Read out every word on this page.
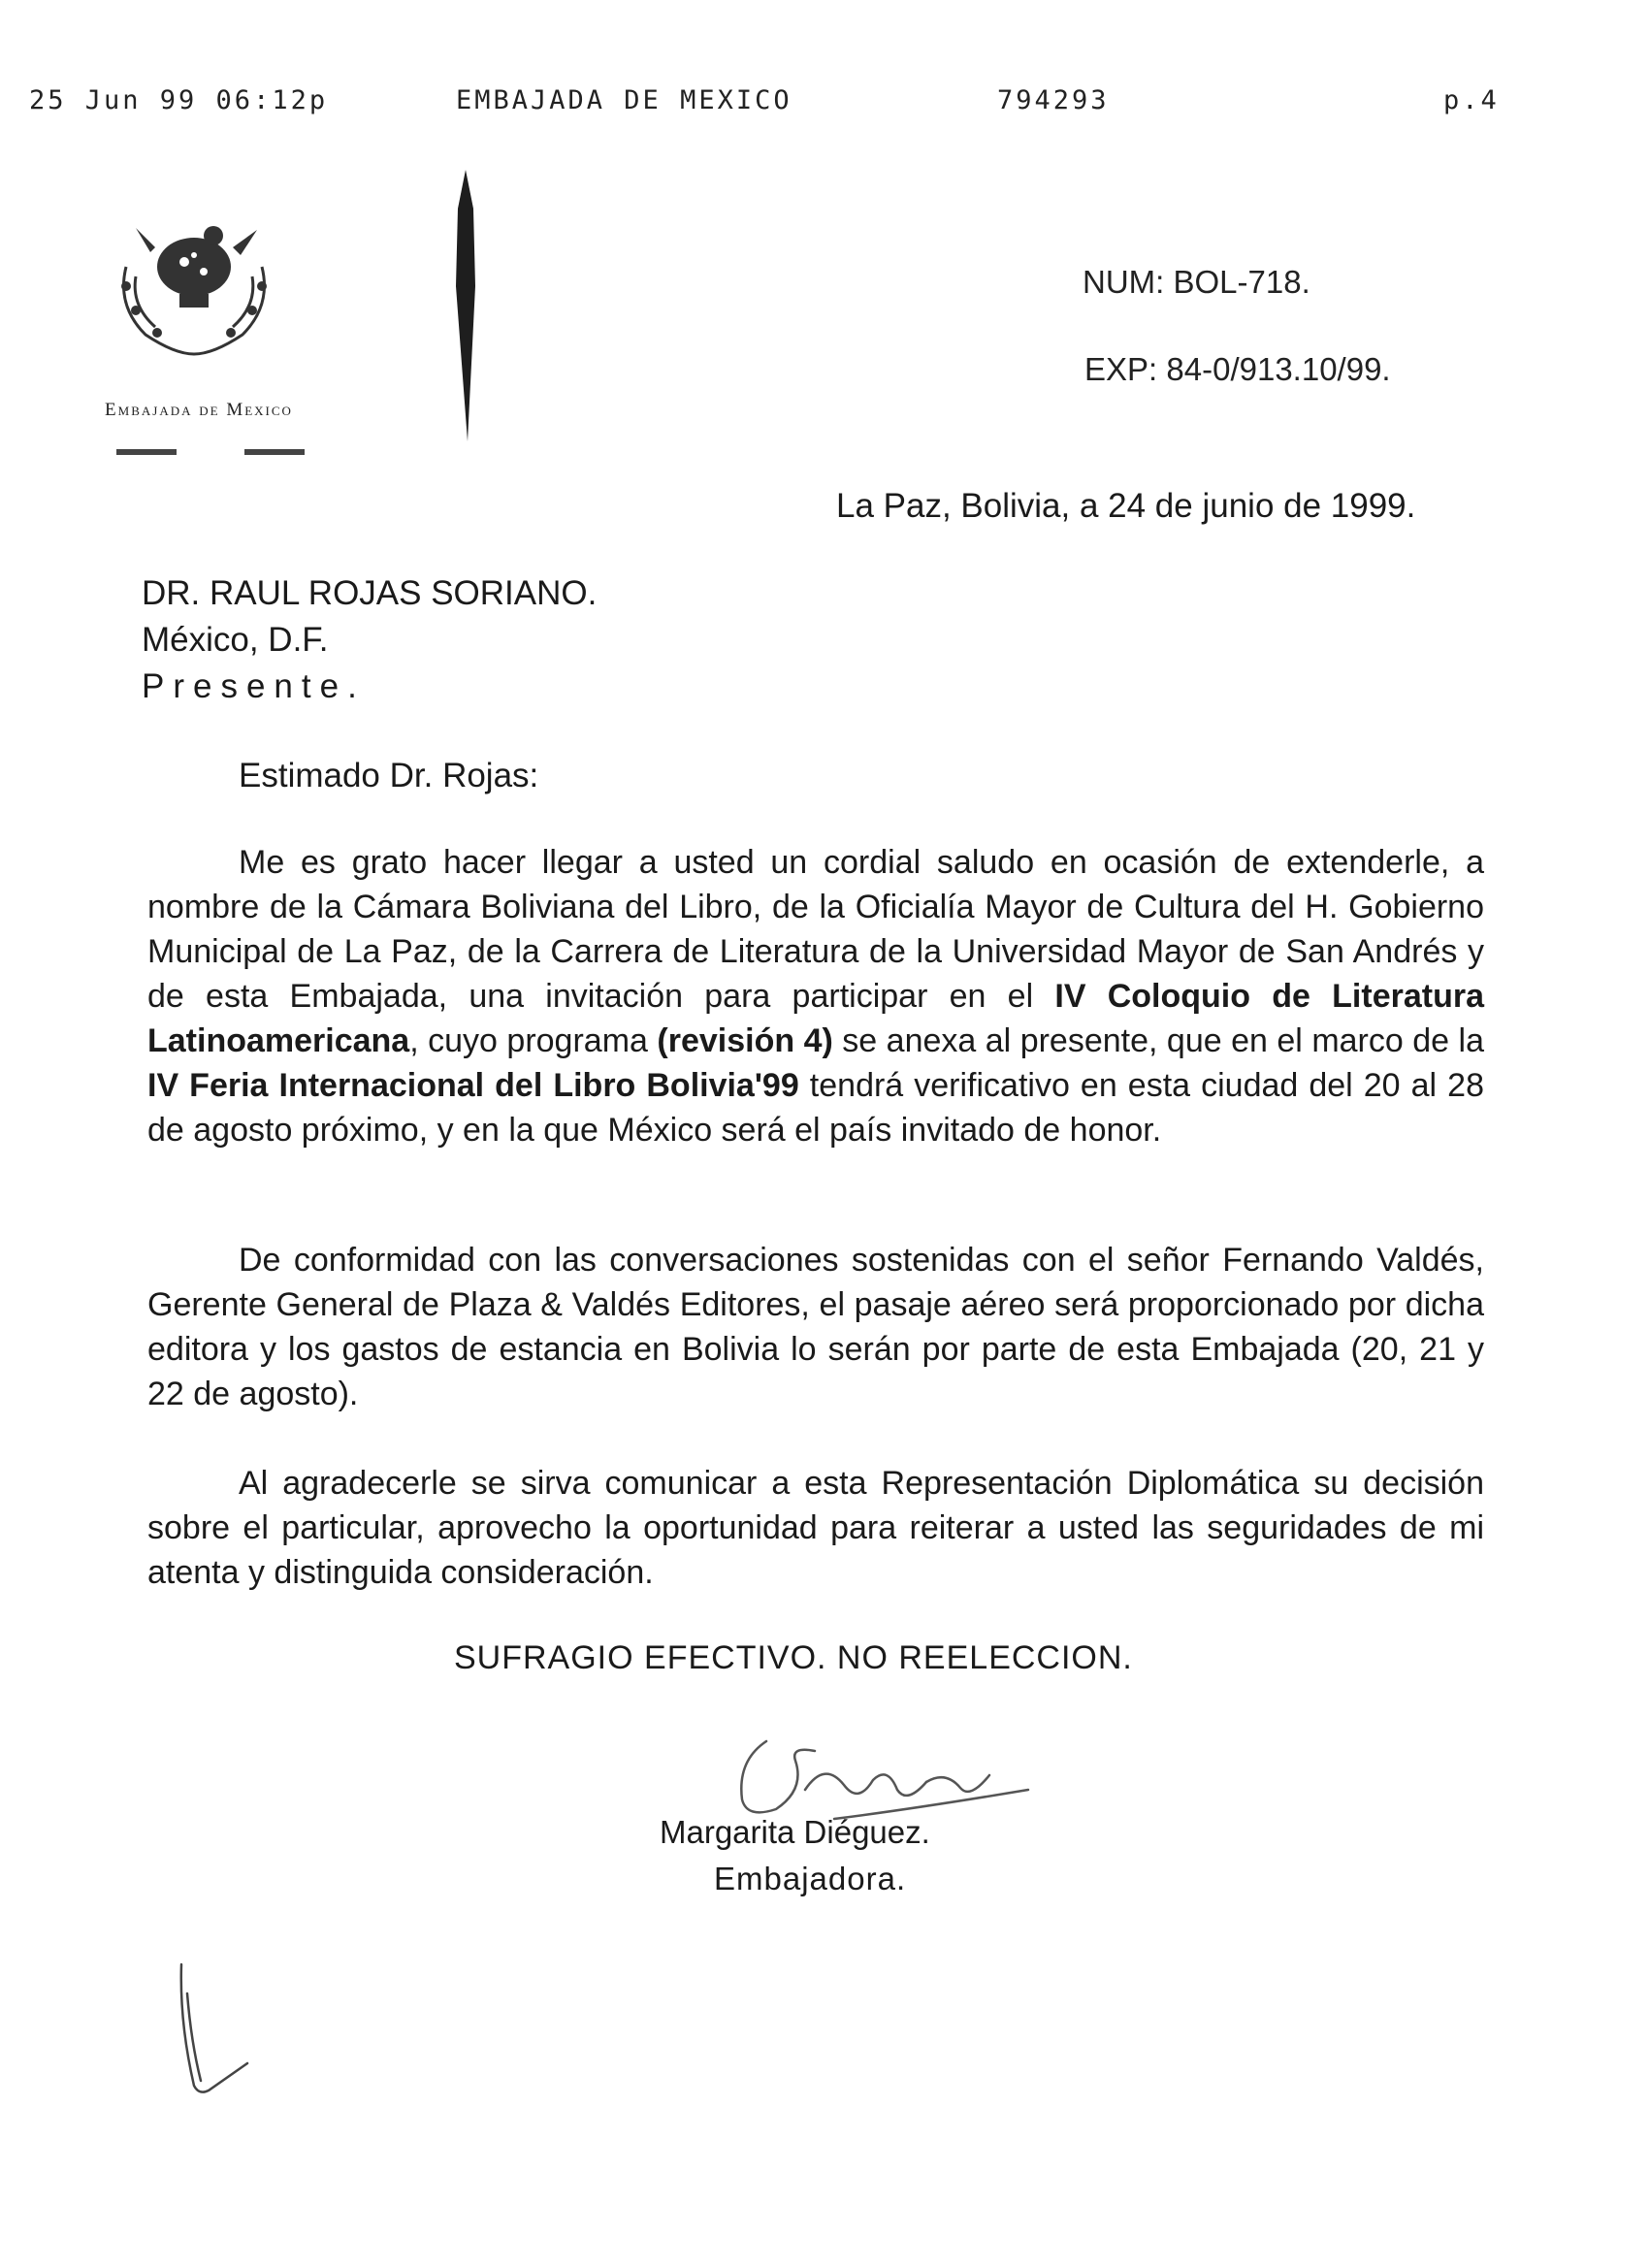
25 Jun 99 06:12p	EMBAJADA DE MEXICO	794293	p.4
Embajada de Mexico
NUM: BOL-718.
EXP: 84-0/913.10/99.
La Paz, Bolivia, a 24 de junio de 1999.
DR. RAUL ROJAS SORIANO.
México, D.F.
Presente.
Estimado Dr. Rojas:

Me es grato hacer llegar a usted un cordial saludo en ocasión de extenderle, a nombre de la Cámara Boliviana del Libro, de la Oficialía Mayor de Cultura del H. Gobierno Municipal de La Paz, de la Carrera de Literatura de la Universidad Mayor de San Andrés y de esta Embajada, una invitación para participar en el IV Coloquio de Literatura Latinoamericana, cuyo programa (revisión 4) se anexa al presente, que en el marco de la IV Feria Internacional del Libro Bolivia'99 tendrá verificativo en esta ciudad del 20 al 28 de agosto próximo, y en la que México será el país invitado de honor.

De conformidad con las conversaciones sostenidas con el señor Fernando Valdés, Gerente General de Plaza & Valdés Editores, el pasaje aéreo será proporcionado por dicha editora y los gastos de estancia en Bolivia lo serán por parte de esta Embajada (20, 21 y 22 de agosto).

Al agradecerle se sirva comunicar a esta Representación Diplomática su decisión sobre el particular, aprovecho la oportunidad para reiterar a usted las seguridades de mi atenta y distinguida consideración.

SUFRAGIO EFECTIVO. NO REELECCION.
Margarita Diéguez.
Embajadora.
